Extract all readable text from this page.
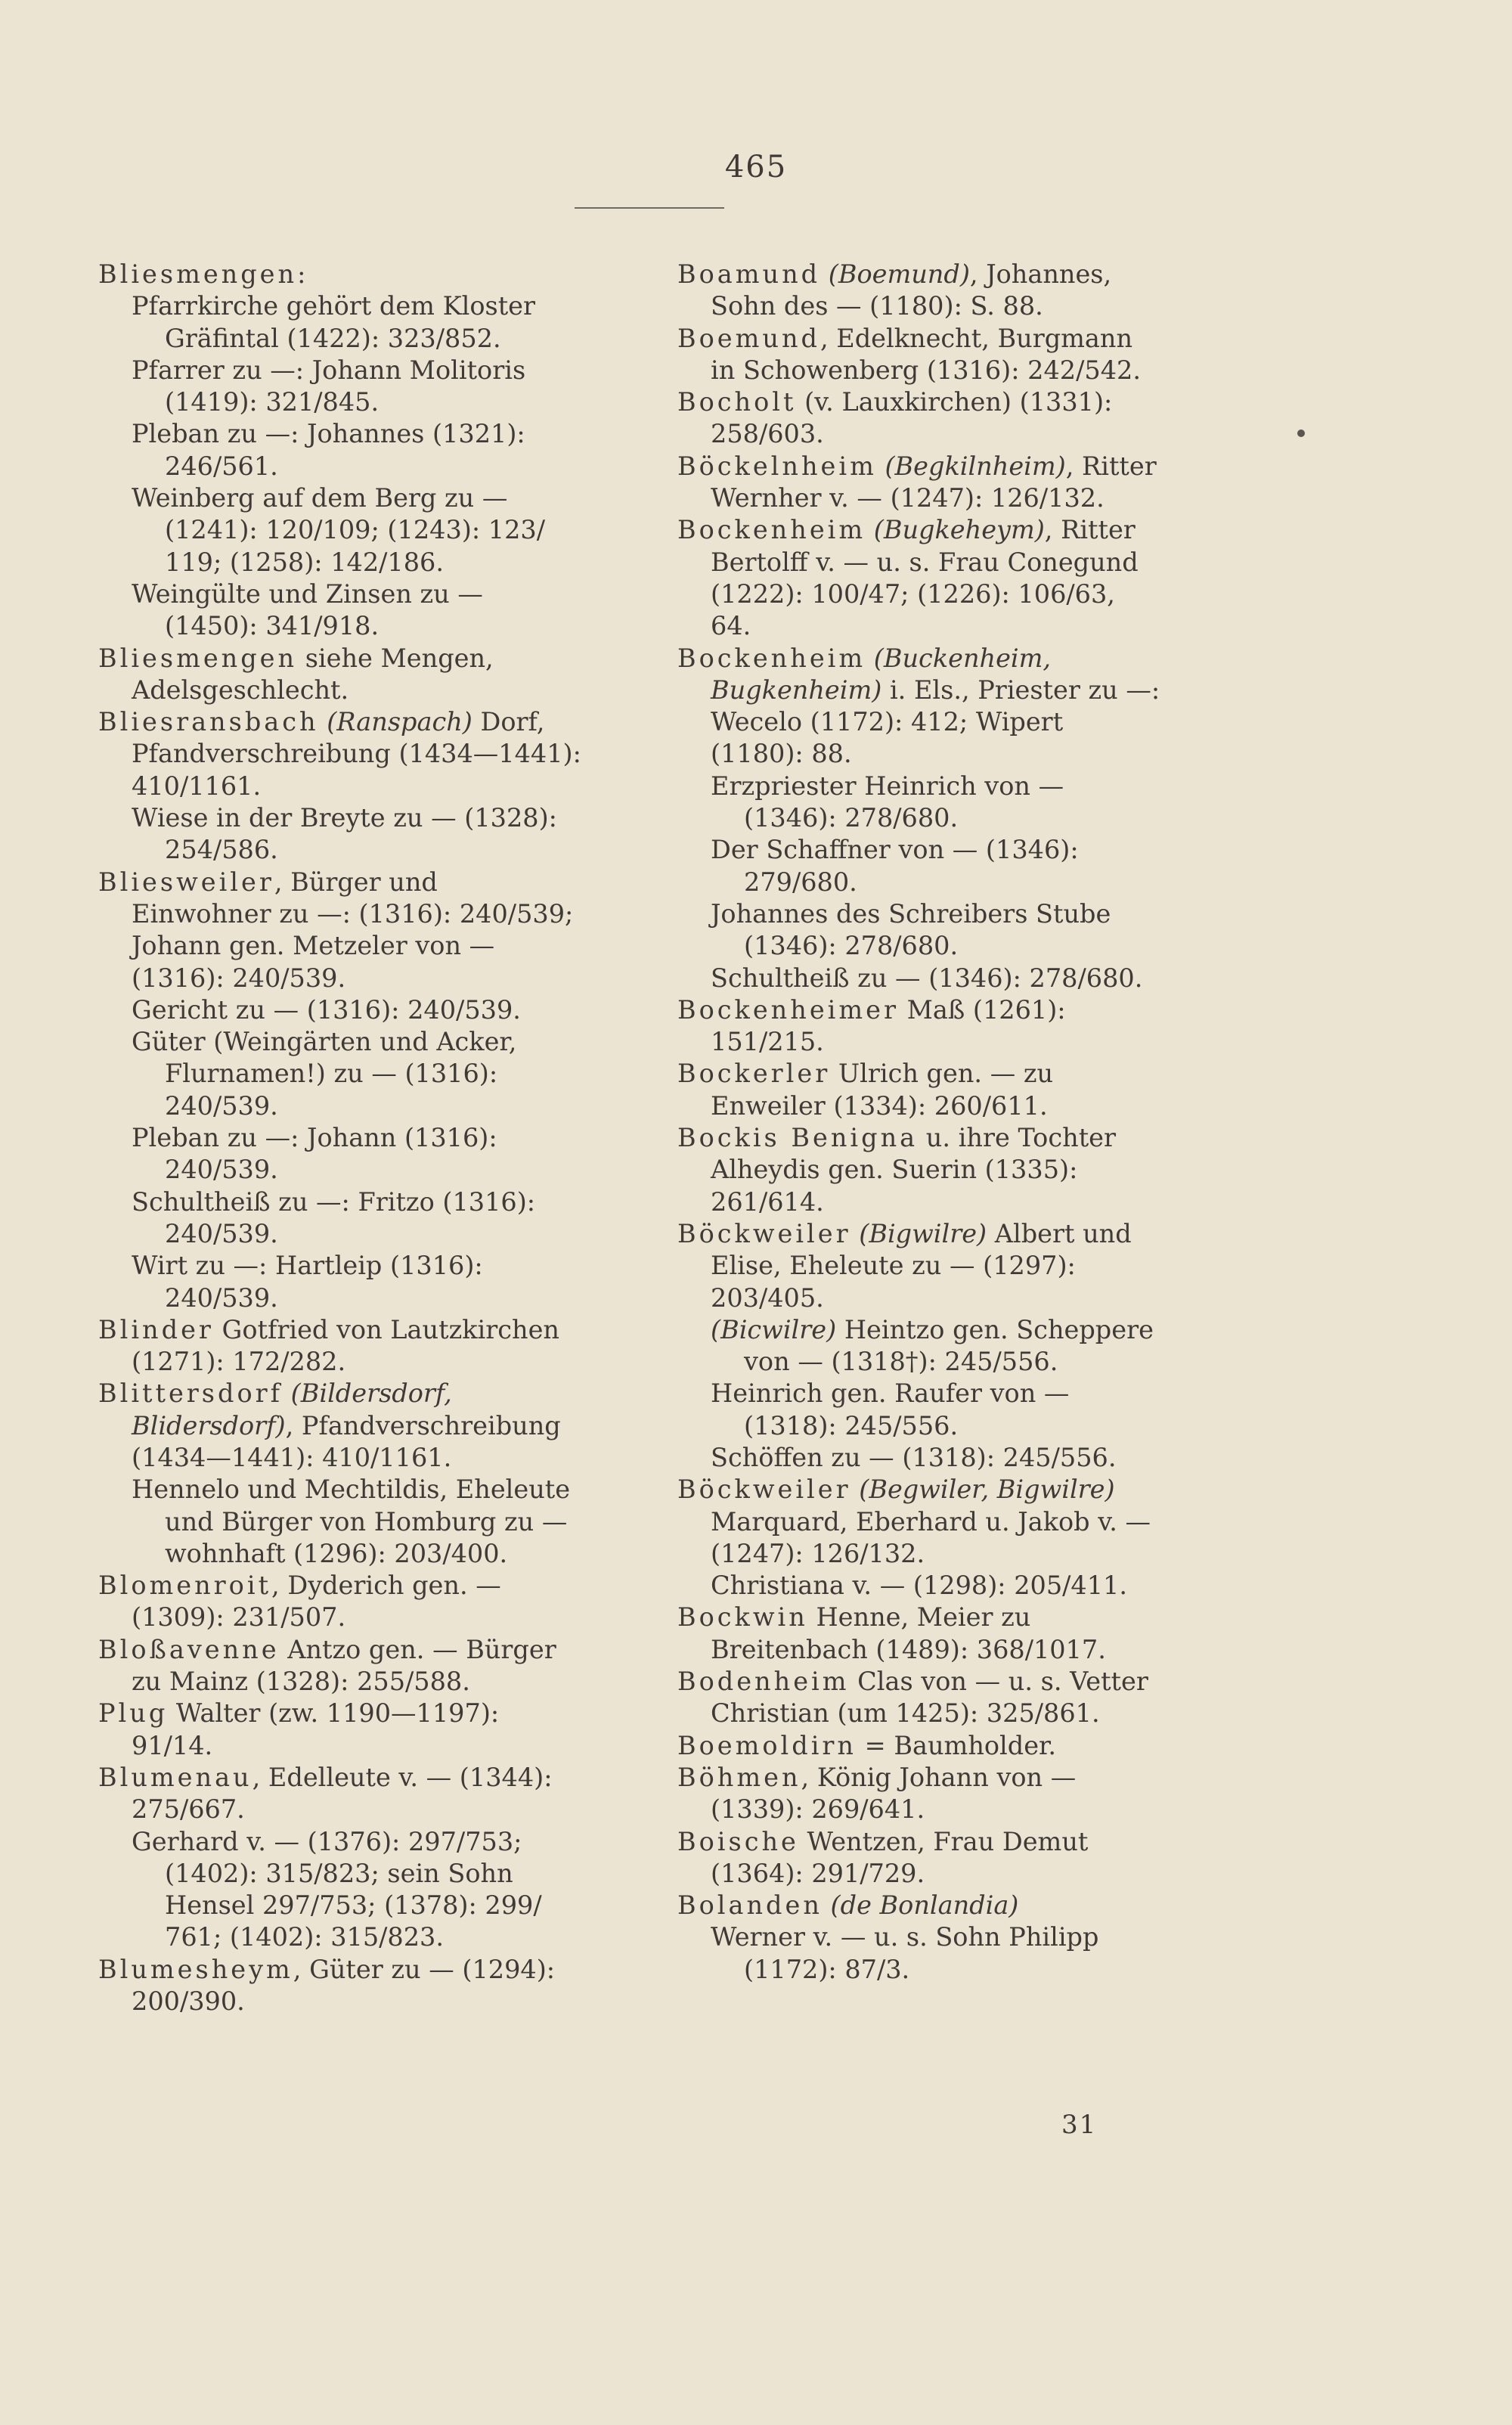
465
Bliesmengen:
Pfarrkirche gehört dem Kloster Gräfintal (1422): 323/852.
Pfarrer zu —: Johann Molitoris (1419): 321/845.
Pleban zu —: Johannes (1321): 246/561.
Weinberg auf dem Berg zu — (1241): 120/109; (1243): 123/ 119; (1258): 142/186.
Weingülte und Zinsen zu — (1450): 341/918.
Bliesmengen siehe Mengen, Adelsgeschlecht.
Bliesransbach (Ranspach) Dorf, Pfandverschreibung (1434—1441): 410/1161.
Wiese in der Breyte zu — (1328): 254/586.
Blieswеiler, Bürger und Einwohner zu —: (1316): 240/539; Johann gen. Metzeler von — (1316): 240/539.
Gericht zu — (1316): 240/539.
Güter (Weingärten und Acker, Flurnamen!) zu — (1316): 240/539.
Pleban zu —: Johann (1316): 240/539.
Schultheiß zu —: Fritzo (1316): 240/539.
Wirt zu —: Hartleip (1316): 240/539.
Blinder Gotfried von Lautzkirchen (1271): 172/282.
Blittersdorf (Bildersdorf, Blidersdorf), Pfandverschreibung (1434—1441): 410/1161.
Hennelo und Mechtildis, Eheleute und Bürger von Homburg zu — wohnhaft (1296): 203/400.
Blomenroit, Dyderich gen. — (1309): 231/507.
Bloßavenne Antzo gen. — Bürger zu Mainz (1328): 255/588.
Plug Walter (zw. 1190—1197): 91/14.
Blumenau, Edelleute v. — (1344): 275/667.
Gerhard v. — (1376): 297/753; (1402): 315/823; sein Sohn Hensel 297/753; (1378): 299/ 761; (1402): 315/823.
Blumesheym, Güter zu — (1294): 200/390.
Boamund (Boemund), Johannes, Sohn des — (1180): S. 88.
Boemund, Edelknecht, Burgmann in Schowenberg (1316): 242/542.
Bocholt (v. Lauxkirchen) (1331): 258/603.
Böckelnheim (Begkilnheim), Ritter Wernher v. — (1247): 126/132.
Bockenheim (Bugkeheym), Ritter Bertolff v. — u. s. Frau Conegund (1222): 100/47; (1226): 106/63, 64.
Bockenheim (Buckenheim, Bugkenheim) i. Els., Priester zu —: Wecelo (1172): 412; Wipert (1180): 88.
Erzpriester Heinrich von — (1346): 278/680.
Der Schaffner von — (1346): 279/680.
Johannes des Schreibers Stube (1346): 278/680.
Schultheiß zu — (1346): 278/680.
Bockenheimer Maß (1261): 151/215.
Bockerler Ulrich gen. — zu Enweiler (1334): 260/611.
Bockis Benigna u. ihre Tochter Alheydis gen. Suerin (1335): 261/614.
Böckweiler (Bigwilre) Albert und Elise, Eheleute zu — (1297): 203/405.
(Bicwilre) Heintzo gen. Scheppere von — (1318†): 245/556.
Heinrich gen. Raufer von — (1318): 245/556.
Schöffen zu — (1318): 245/556.
Böckweiler (Begwiler, Bigwilre) Marquard, Eberhard u. Jakob v. — (1247): 126/132.
Christiana v. — (1298): 205/411.
Bockwin Henne, Meier zu Breitenbach (1489): 368/1017.
Bodenheim Clas von — u. s. Vetter Christian (um 1425): 325/861.
Boemoldirn = Baumholder.
Böhmen, König Johann von — (1339): 269/641.
Boische Wentzen, Frau Demut (1364): 291/729.
Bolanden (de Bonlandia)
Werner v. — u. s. Sohn Philipp (1172): 87/3.
31
